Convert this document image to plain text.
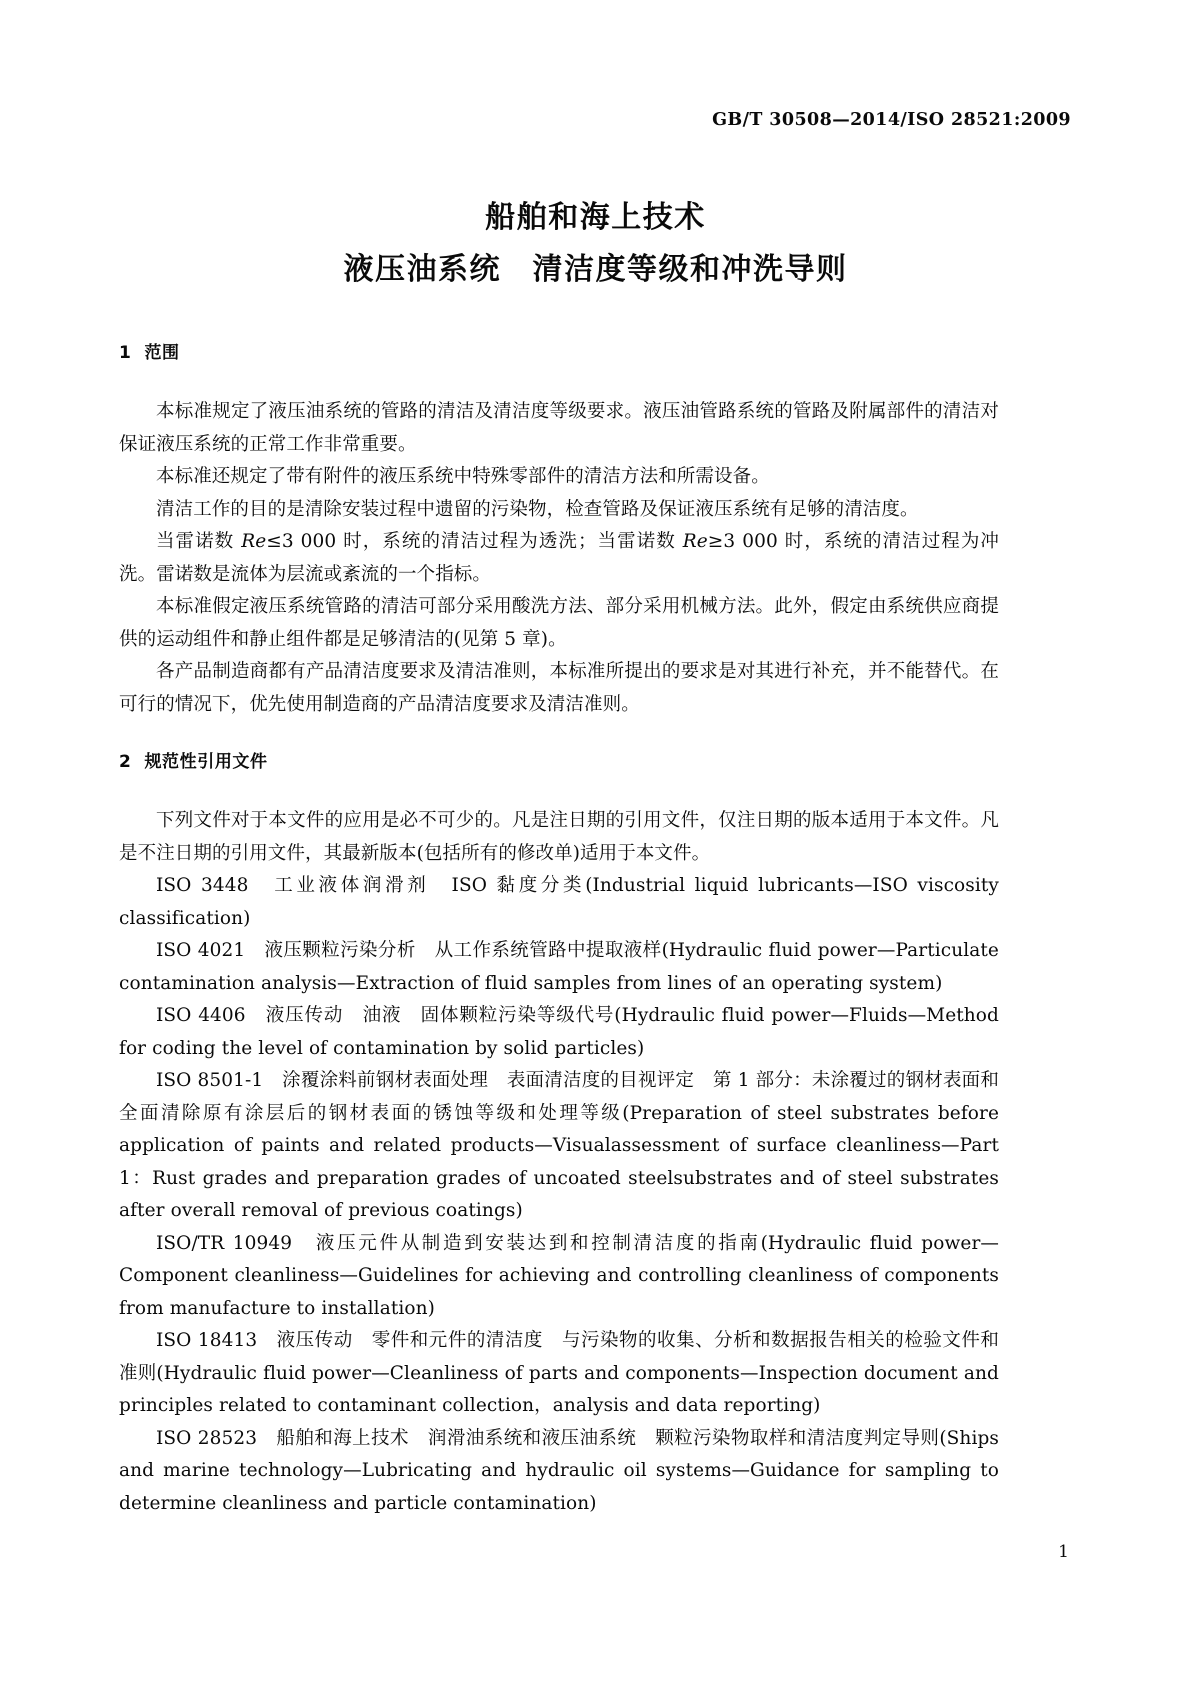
GB/T 30508—2014/ISO 28521:2009
船舶和海上技术
液压油系统　清洁度等级和冲洗导则
1 范围

本标准规定了液压油系统的管路的清洁及清洁度等级要求。液压油管路系统的管路及附属部件的清洁对保证液压系统的正常工作非常重要。

本标准还规定了带有附件的液压系统中特殊零部件的清洁方法和所需设备。

清洁工作的目的是清除安装过程中遗留的污染物，检查管路及保证液压系统有足够的清洁度。

当雷诺数 Re≤3 000 时，系统的清洁过程为透洗；当雷诺数 Re≥3 000 时，系统的清洁过程为冲洗。雷诺数是流体为层流或紊流的一个指标。

本标准假定液压系统管路的清洁可部分采用酸洗方法、部分采用机械方法。此外，假定由系统供应商提供的运动组件和静止组件都是足够清洁的(见第 5 章)。

各产品制造商都有产品清洁度要求及清洁准则，本标准所提出的要求是对其进行补充，并不能替代。在可行的情况下，优先使用制造商的产品清洁度要求及清洁准则。

2 规范性引用文件

下列文件对于本文件的应用是必不可少的。凡是注日期的引用文件，仅注日期的版本适用于本文件。凡是不注日期的引用文件，其最新版本(包括所有的修改单)适用于本文件。

ISO 3448　工业液体润滑剂　ISO 黏度分类(Industrial liquid lubricants—ISO viscosity classification)

ISO 4021　液压颗粒污染分析　从工作系统管路中提取液样(Hydraulic fluid power—Particulate contamination analysis—Extraction of fluid samples from lines of an operating system)

ISO 4406　液压传动　油液　固体颗粒污染等级代号(Hydraulic fluid power—Fluids—Method for coding the level of contamination by solid particles)

ISO 8501-1　涂覆涂料前钢材表面处理　表面清洁度的目视评定　第 1 部分：未涂覆过的钢材表面和全面清除原有涂层后的钢材表面的锈蚀等级和处理等级(Preparation of steel substrates before application of paints and related products—Visualassessment of surface cleanliness—Part 1：Rust grades and preparation grades of uncoated steelsubstrates and of steel substrates after overall removal of previous coatings)

ISO/TR 10949　液压元件从制造到安装达到和控制清洁度的指南(Hydraulic fluid power—Component cleanliness—Guidelines for achieving and controlling cleanliness of components from manufacture to installation)

ISO 18413　液压传动　零件和元件的清洁度　与污染物的收集、分析和数据报告相关的检验文件和准则(Hydraulic fluid power—Cleanliness of parts and components—Inspection document and principles related to contaminant collection，analysis and data reporting)

ISO 28523　船舶和海上技术　润滑油系统和液压油系统　颗粒污染物取样和清洁度判定导则(Ships and marine technology—Lubricating and hydraulic oil systems—Guidance for sampling to determine cleanliness and particle contamination)

1
